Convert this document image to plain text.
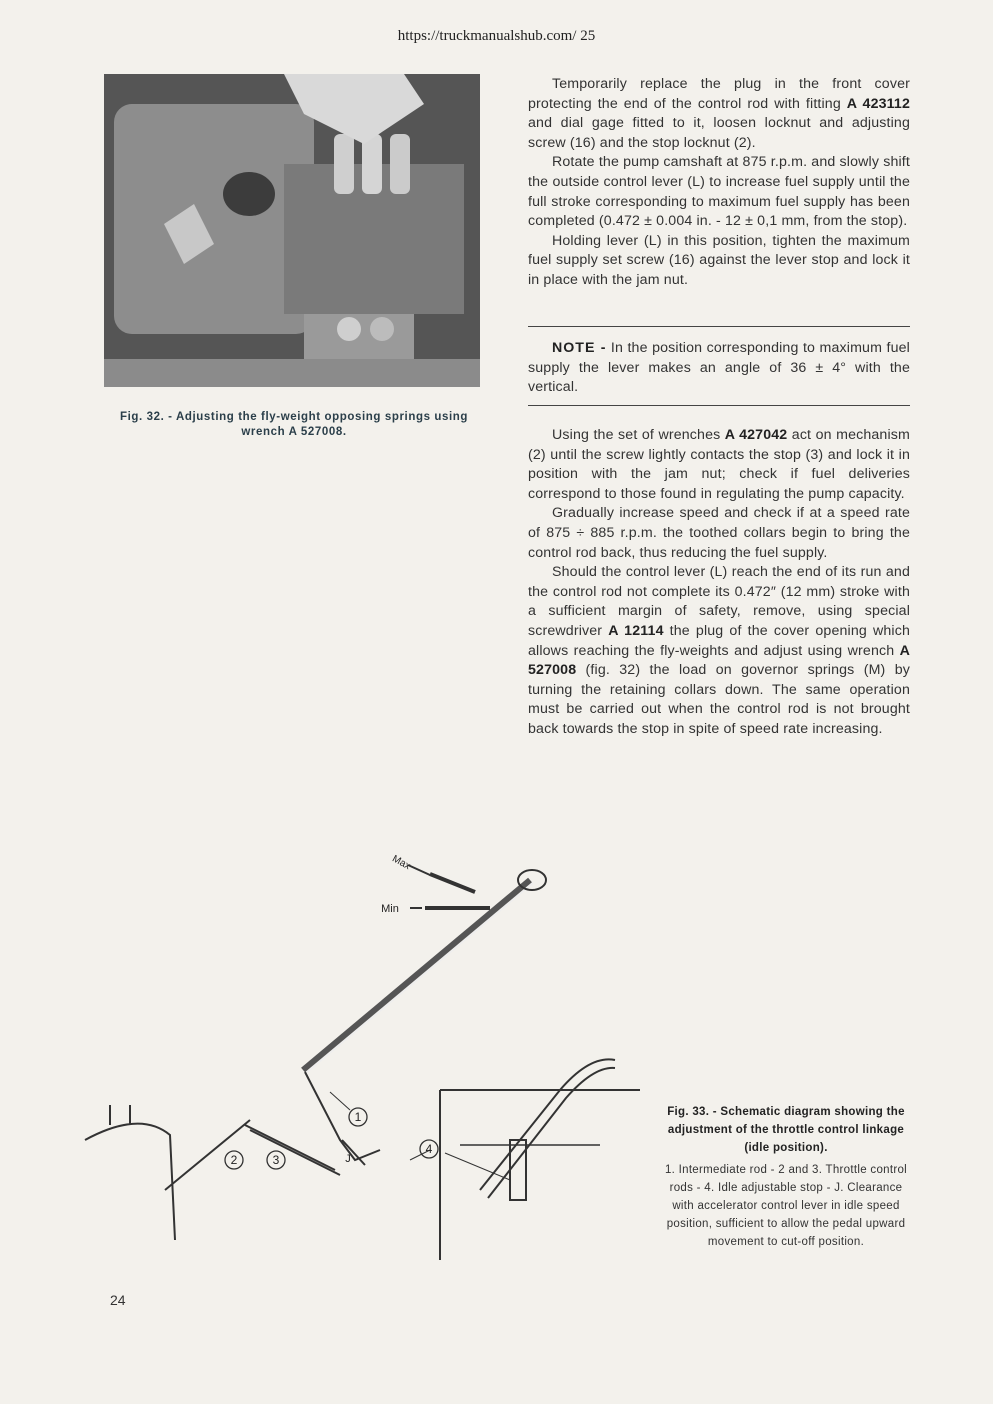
https://truckmanualshub.com/ 25
Fig. 32. - Adjusting the fly-weight opposing springs using wrench A 527008.

Temporarily replace the plug in the front cover protecting the end of the control rod with fitting A 423112 and dial gage fitted to it, loosen locknut and adjusting screw (16) and the stop locknut (2).

Rotate the pump camshaft at 875 r.p.m. and slowly shift the outside control lever (L) to increase fuel supply until the full stroke corresponding to maximum fuel supply has been completed (0.472 ± 0.004 in. - 12 ± 0,1 mm, from the stop).

Holding lever (L) in this position, tighten the maximum fuel supply set screw (16) against the lever stop and lock it in place with the jam nut.

NOTE - In the position corresponding to maximum fuel supply the lever makes an angle of 36 ± 4° with the vertical.

Using the set of wrenches A 427042 act on mechanism (2) until the screw lightly contacts the stop (3) and lock it in position with the jam nut; check if fuel deliveries correspond to those found in regulating the pump capacity.

Gradually increase speed and check if at a speed rate of 875 ÷ 885 r.p.m. the toothed collars begin to bring the control rod back, thus reducing the fuel supply.

Should the control lever (L) reach the end of its run and the control rod not complete its 0.472″ (12 mm) stroke with a sufficient margin of safety, remove, using special screwdriver A 12114 the plug of the cover opening which allows reaching the fly-weights and adjust using wrench A 527008 (fig. 32) the load on governor springs (M) by turning the retaining collars down. The same operation must be carried out when the control rod is not brought back towards the stop in spite of speed rate increasing.

1
2	3
4
J
Max
Min
Fig. 33. - Schematic diagram showing the adjustment of the throttle control linkage (idle position).
1. Intermediate rod - 2 and 3. Throttle control rods - 4. Idle adjustable stop - J. Clearance with accelerator control lever in idle speed position, sufficient to allow the pedal upward movement to cut-off position.
24
